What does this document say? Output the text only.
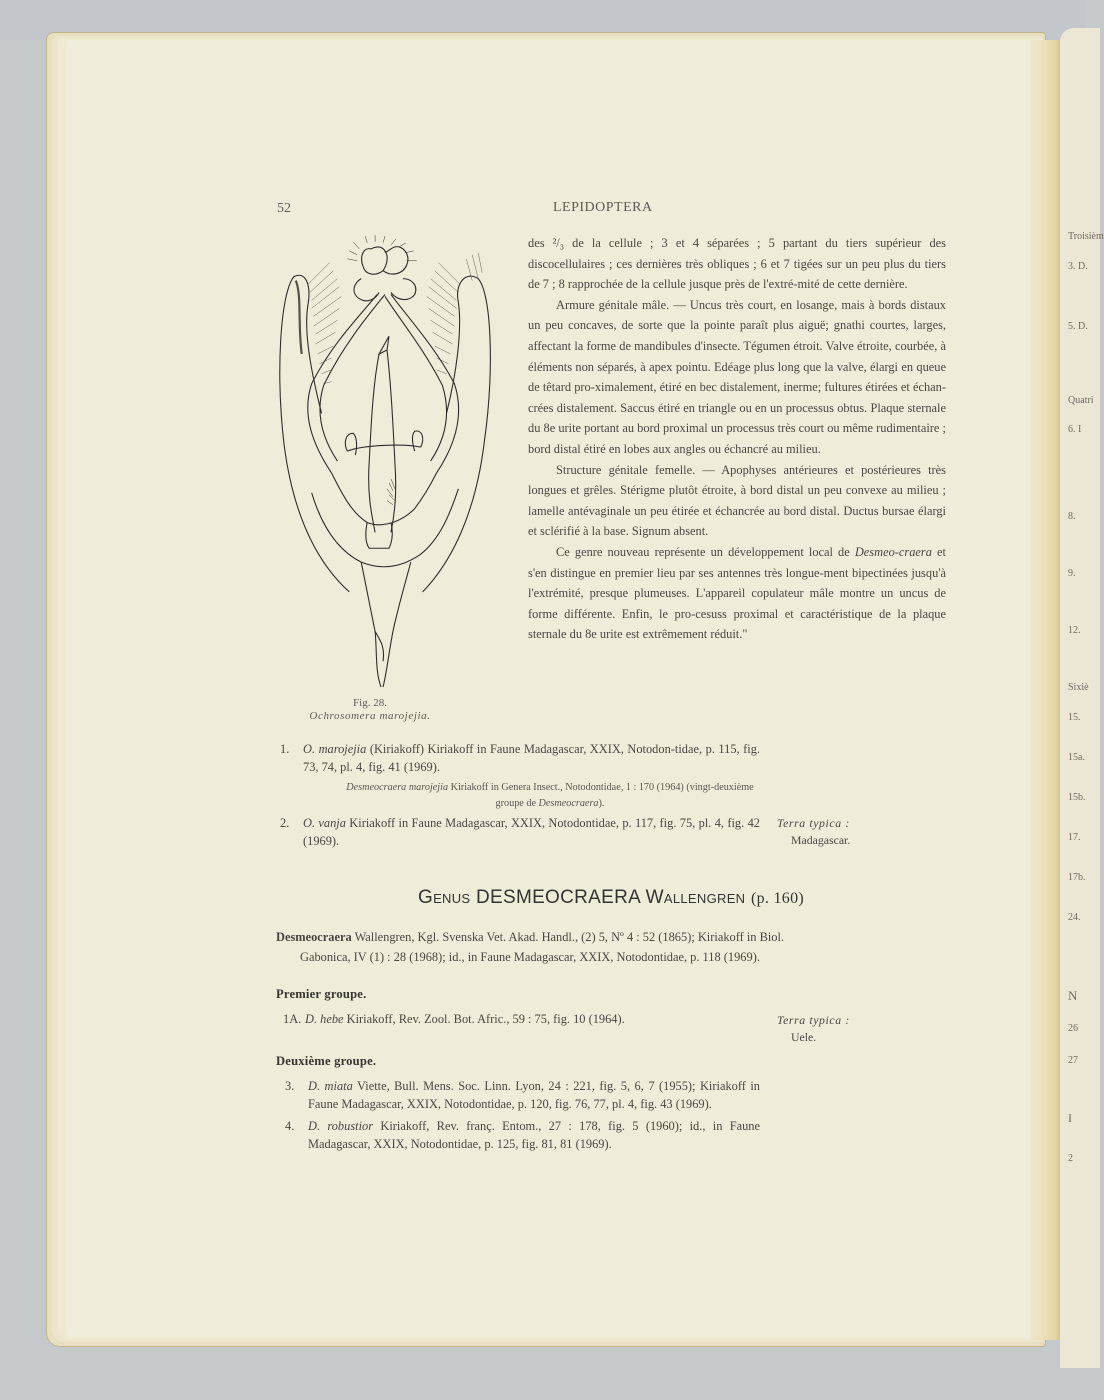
Troisièm
3. D.
5. D.
Quatri
6. I
8.
9.
12.
Sixiè
15.
15a.
15b.
17.
17b.
24.
N
26
27
I
2
52	LEPIDOPTERA
Fig. 28.
Ochrosomera marojejia.

des ²/₃ de la cellule ; 3 et 4 séparées ; 5 partant du tiers supérieur des discocellulaires ; ces dernières très obliques ; 6 et 7 tigées sur un peu plus du tiers de 7 ; 8 rapprochée de la cellule jusque près de l'extré-mité de cette dernière.

Armure génitale mâle. — Uncus très court, en losange, mais à bords distaux un peu concaves, de sorte que la pointe paraît plus aiguë; gnathi courtes, larges, affectant la forme de mandibules d'insecte. Tégumen étroit. Valve étroite, courbée, à éléments non séparés, à apex pointu. Edéage plus long que la valve, élargi en queue de têtard pro-ximalement, étiré en bec distalement, inerme; fultures étirées et échan-crées distalement. Saccus étiré en triangle ou en un processus obtus. Plaque sternale du 8e urite portant au bord proximal un processus très court ou même rudimentaire ; bord distal étiré en lobes aux angles ou échancré au milieu.

Structure génitale femelle. — Apophyses antérieures et postérieures très longues et grêles. Stérigme plutôt étroite, à bord distal un peu convexe au milieu ; lamelle antévaginale un peu étirée et échancrée au bord distal. Ductus bursae élargi et sclérifié à la base. Signum absent.

Ce genre nouveau représente un développement local de Desmeo-craera et s'en distingue en premier lieu par ses antennes très longue-ment bipectinées jusqu'à l'extrémité, presque plumeuses. L'appareil copulateur mâle montre un uncus de forme différente. Enfin, le pro-cesuss proximal et caractéristique de la plaque sternale du 8e urite est extrêmement réduit."

1. O. marojejia (Kiriakoff) Kiriakoff in Faune Madagascar, XXIX, Notodon-tidae, p. 115, fig. 73, 74, pl. 4, fig. 41 (1969).
Desmeocraera marojejia Kiriakoff in Genera Insect., Notodontidae, 1 : 170 (1964) (vingt-deuxième groupe de Desmeocraera).
2. O. vanja Kiriakoff in Faune Madagascar, XXIX, Notodontidae, p. 117, fig. 75, pl. 4, fig. 42 (1969).
Terra typica :
Madagascar.
Genus DESMEOCRAERA Wallengren (p. 160)
Desmeocraera Wallengren, Kgl. Svenska Vet. Akad. Handl., (2) 5, Nº 4 : 52 (1865); Kiriakoff in Biol.
Gabonica, IV (1) : 28 (1968); id., in Faune Madagascar, XXIX, Notodontidae, p. 118 (1969).
Premier groupe.
1A. D. hebe Kiriakoff, Rev. Zool. Bot. Afric., 59 : 75, fig. 10 (1964).	Terra typica :
Uele.
Deuxième groupe.
3. D. miata Viette, Bull. Mens. Soc. Linn. Lyon, 24 : 221, fig. 5, 6, 7 (1955); Kiriakoff in Faune Madagascar, XXIX, Notodontidae, p. 120, fig. 76, 77, pl. 4, fig. 43 (1969).
4. D. robustior Kiriakoff, Rev. franç. Entom., 27 : 178, fig. 5 (1960); id., in Faune Madagascar, XXIX, Notodontidae, p. 125, fig. 81, 81 (1969).
